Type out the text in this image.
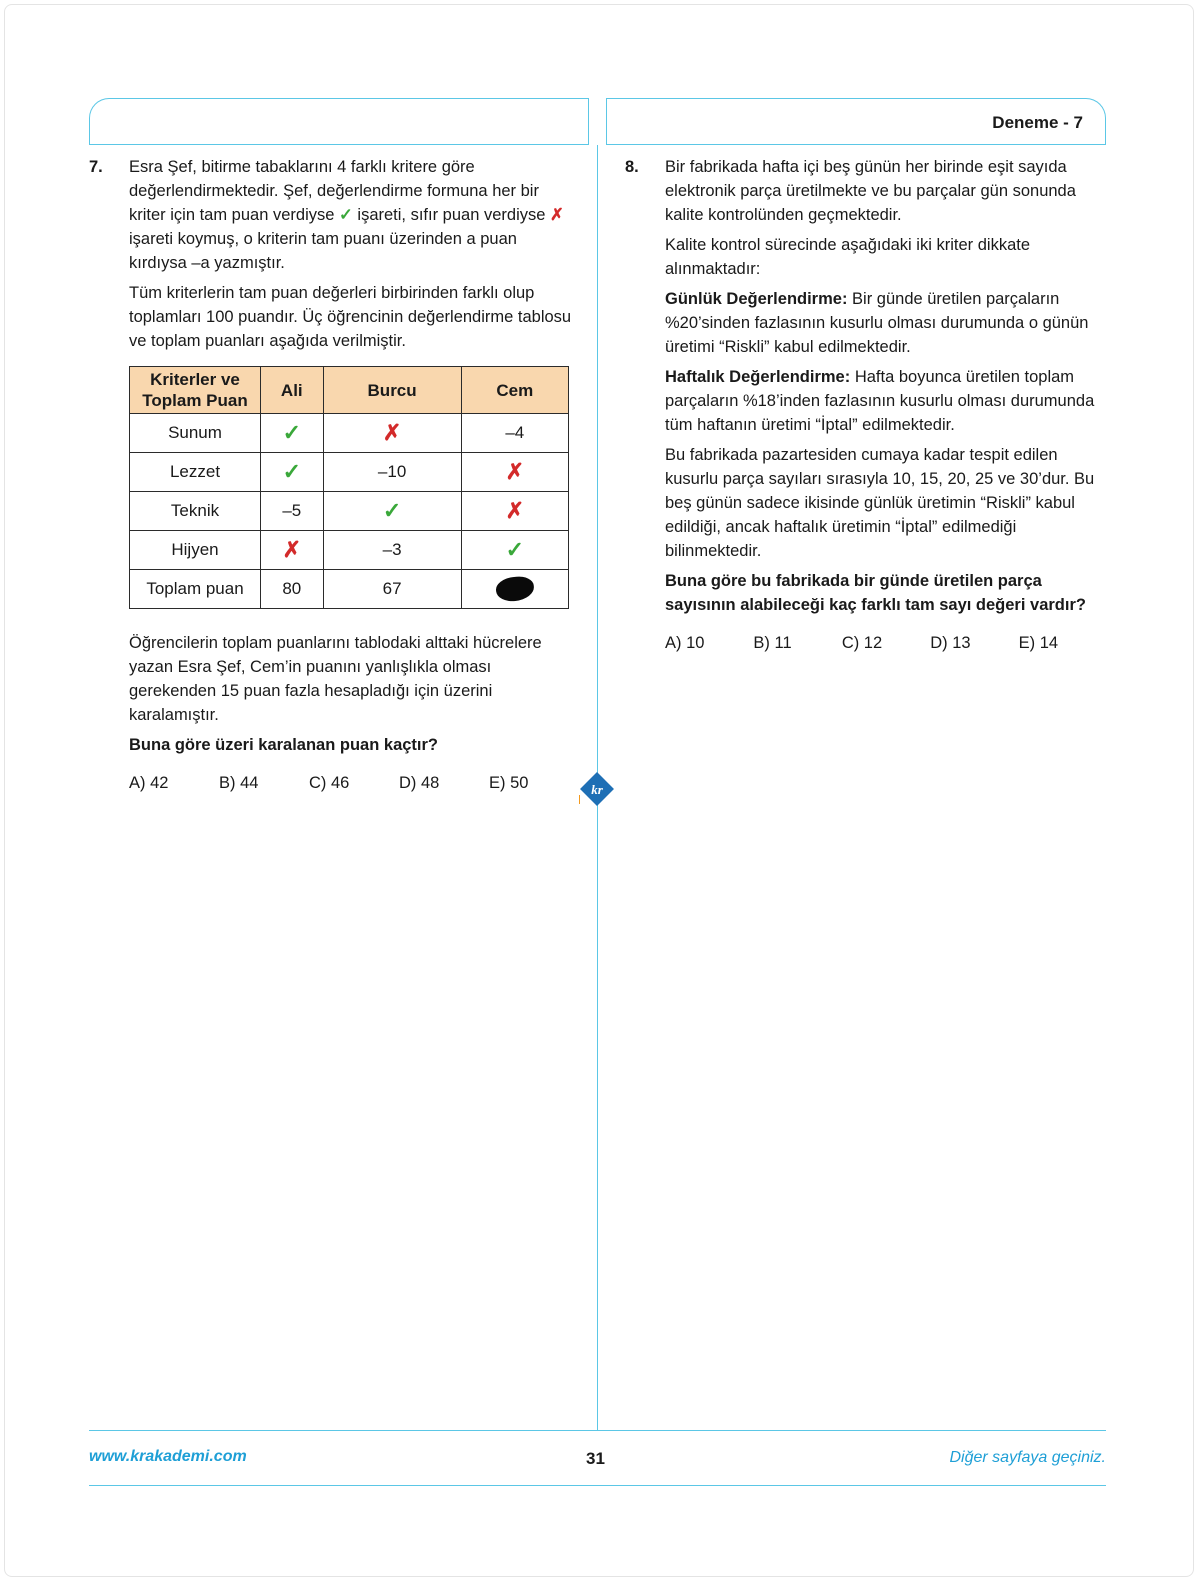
Deneme - 7
kr
7. Esra Şef, bitirme tabaklarını 4 farklı kritere göre değerlendirmektedir. Şef, değerlendirme formuna her bir kriter için tam puan verdiyse ✓ işareti, sıfır puan verdiyse ✗ işareti koymuş, o kriterin tam puanı üzerinden a puan kırdıysa –a yazmıştır.

Tüm kriterlerin tam puan değerleri birbirinden farklı olup toplamları 100 puandır. Üç öğrencinin değerlendirme tablosu ve toplam puanları aşağıda verilmiştir.

Kriterler ve Toplam Puan	Ali	Burcu	Cem
Sunum	✓	✗	–4
Lezzet	✓	–10	✗
Teknik	–5	✓	✗
Hijyen	✗	–3	✓
Toplam puan	80	67	

Öğrencilerin toplam puanlarını tablodaki alttaki hücrelere yazan Esra Şef, Cem’in puanını yanlışlıkla olması gerekenden 15 puan fazla hesapladığı için üzerini karalamıştır.

Buna göre üzeri karalanan puan kaçtır?

A) 42	B) 44	C) 46	D) 48	E) 50
8. Bir fabrikada hafta içi beş günün her birinde eşit sayıda elektronik parça üretilmekte ve bu parçalar gün sonunda kalite kontrolünden geçmektedir.

Kalite kontrol sürecinde aşağıdaki iki kriter dikkate alınmaktadır:

Günlük Değerlendirme: Bir günde üretilen parçaların %20’sinden fazlasının kusurlu olması durumunda o günün üretimi “Riskli” kabul edilmektedir.

Haftalık Değerlendirme: Hafta boyunca üretilen toplam parçaların %18’inden fazlasının kusurlu olması durumunda tüm haftanın üretimi “İptal” edilmektedir.

Bu fabrikada pazartesiden cumaya kadar tespit edilen kusurlu parça sayıları sırasıyla 10, 15, 20, 25 ve 30’dur. Bu beş günün sadece ikisinde günlük üretimin “Riskli” kabul edildiği, ancak haftalık üretimin “İptal” edilmediği bilinmektedir.

Buna göre bu fabrikada bir günde üretilen parça sayısının alabileceği kaç farklı tam sayı değeri vardır?

A) 10	B) 11	C) 12	D) 13	E) 14
www.krakademi.com	31	Diğer sayfaya geçiniz.
